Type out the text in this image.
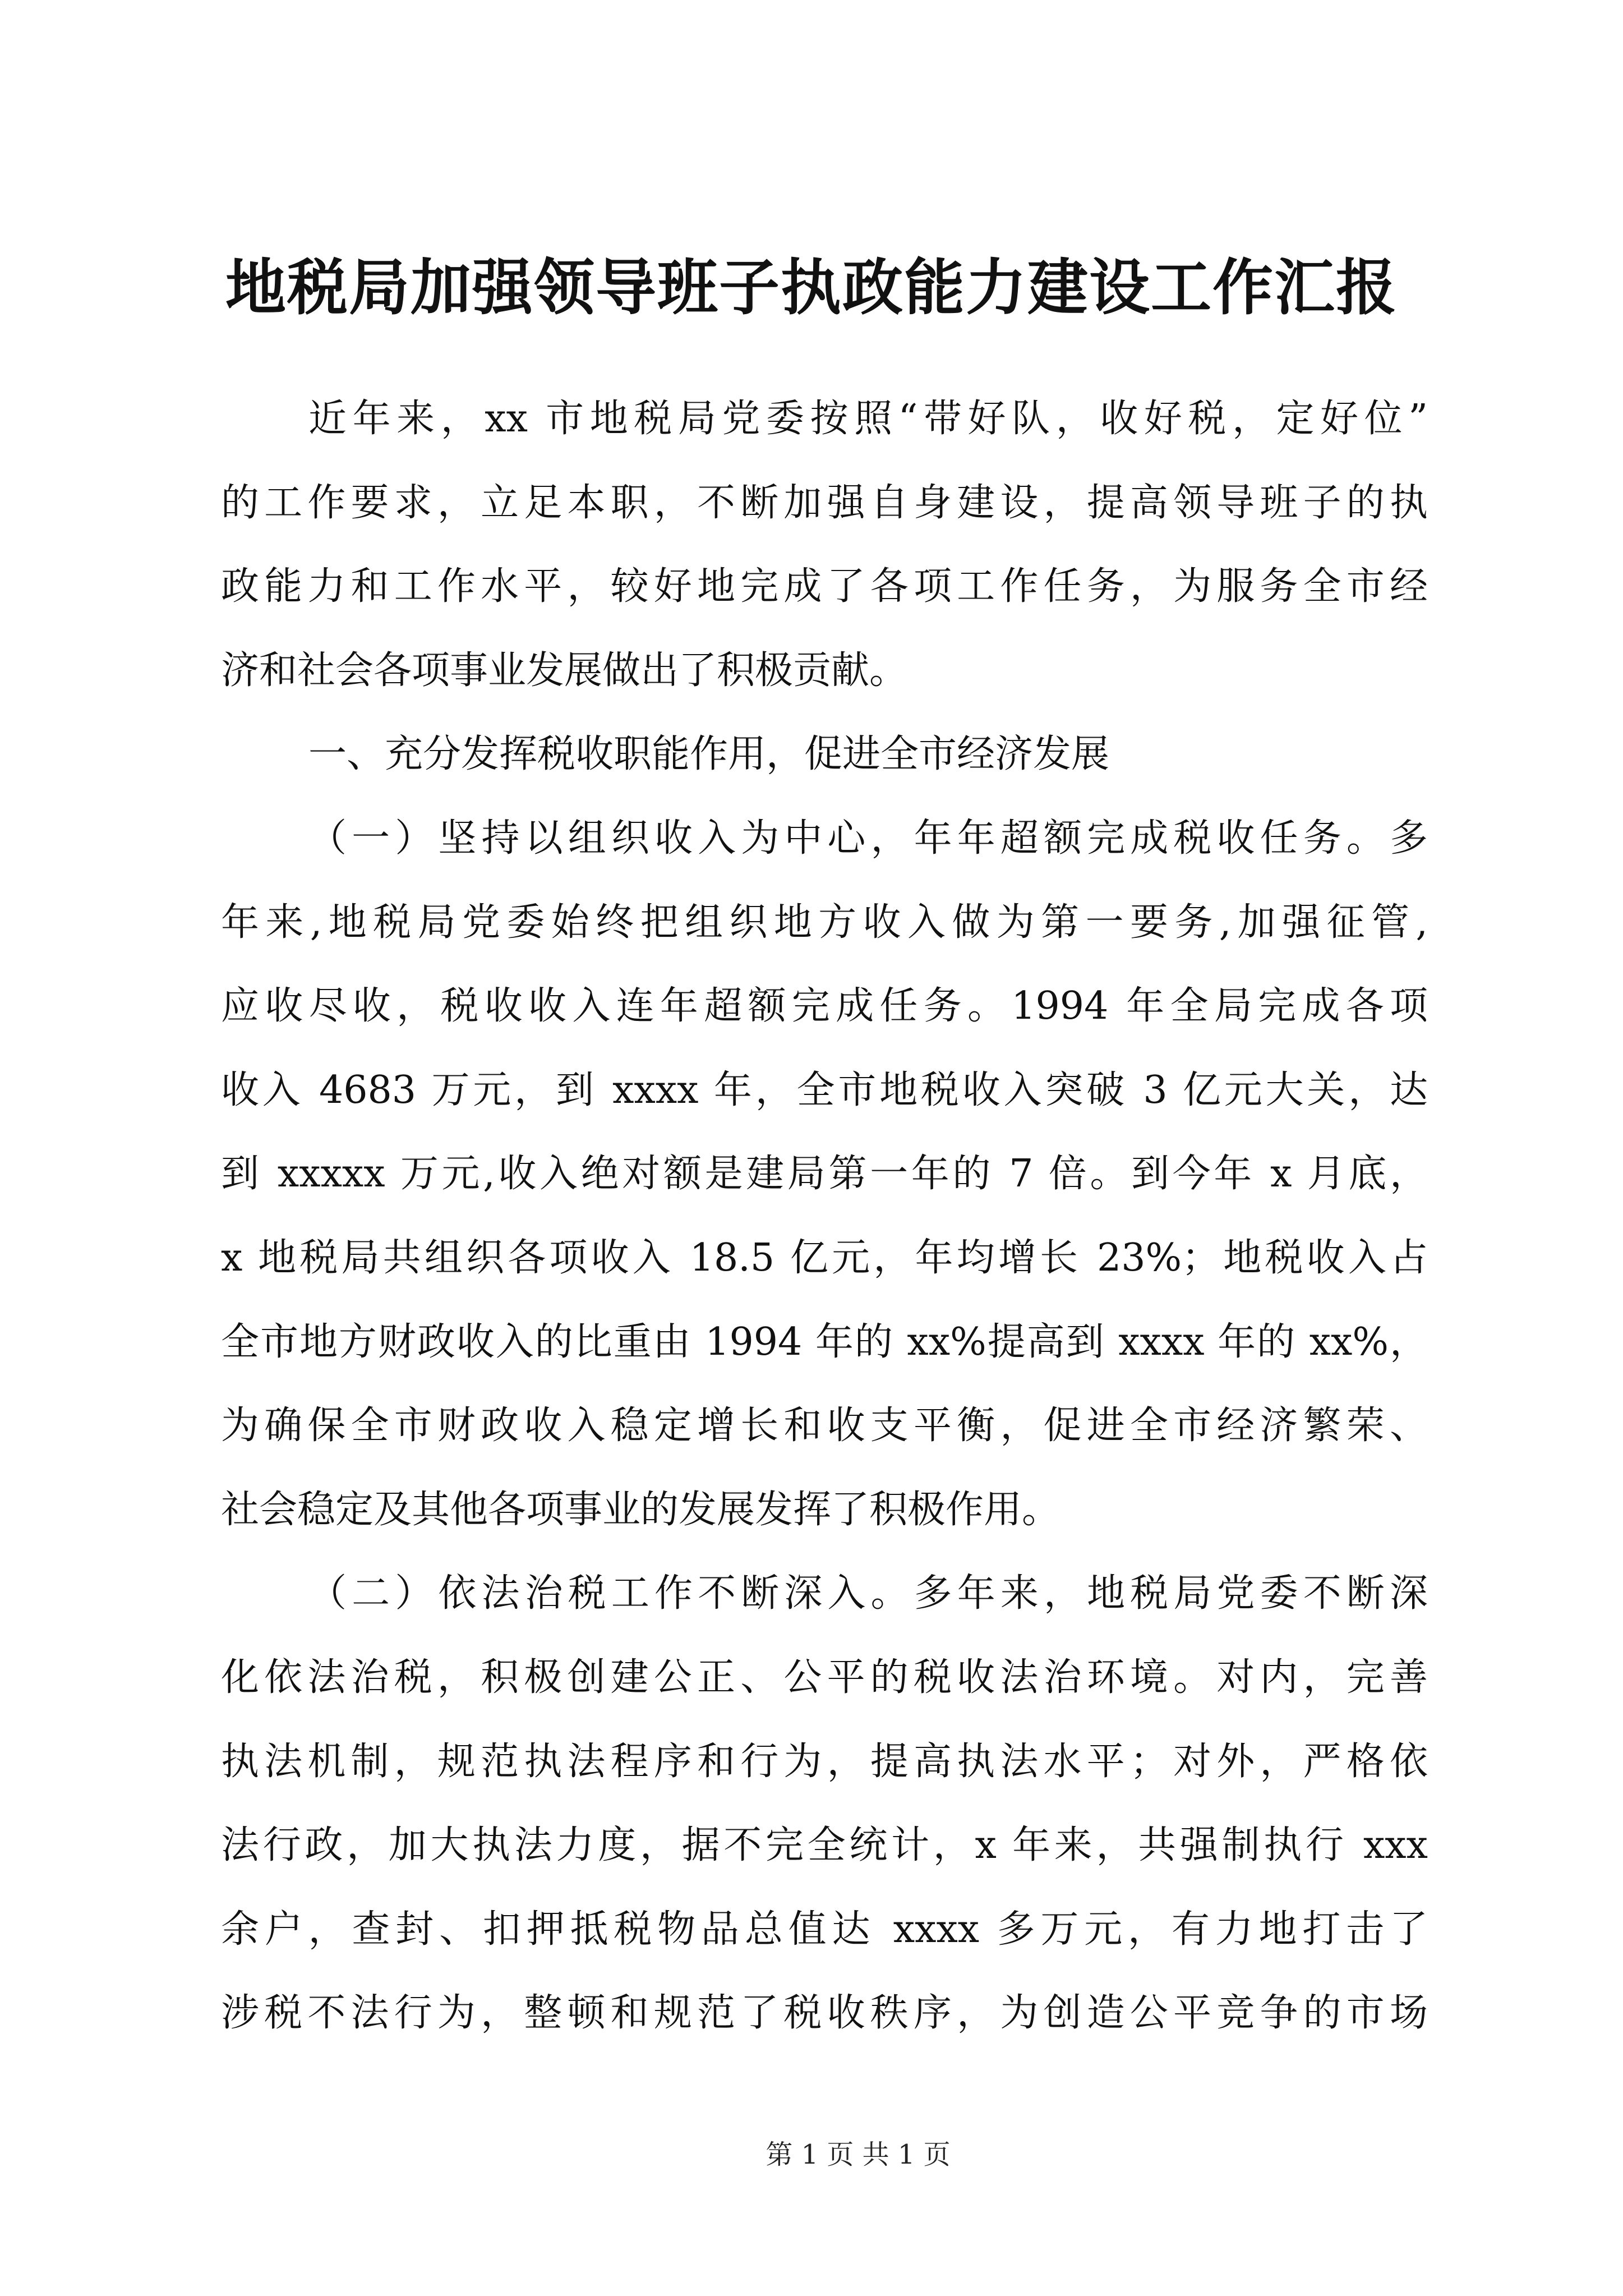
地税局加强领导班子执政能力建设工作汇报
近年来，xx 市地税局党委按照“带好队，收好税，定好位”
的工作要求，立足本职，不断加强自身建设，提高领导班子的执
政能力和工作水平，较好地完成了各项工作任务，为服务全市经
济和社会各项事业发展做出了积极贡献。
一、充分发挥税收职能作用，促进全市经济发展
（一）坚持以组织收入为中心，年年超额完成税收任务。多
年来,地税局党委始终把组织地方收入做为第一要务,加强征管,
应收尽收，税收收入连年超额完成任务。1994 年全局完成各项
收入 4683 万元，到 xxxx 年，全市地税收入突破 3 亿元大关，达
到 xxxxx 万元,收入绝对额是建局第一年的 7 倍。到今年 x 月底，
x 地税局共组织各项收入 18.5 亿元，年均增长 23%；地税收入占
全市地方财政收入的比重由 1994 年的 xx%提高到 xxxx 年的 xx%，
为确保全市财政收入稳定增长和收支平衡，促进全市经济繁荣、
社会稳定及其他各项事业的发展发挥了积极作用。
（二）依法治税工作不断深入。多年来，地税局党委不断深
化依法治税，积极创建公正、公平的税收法治环境。对内，完善
执法机制，规范执法程序和行为，提高执法水平；对外，严格依
法行政，加大执法力度，据不完全统计，x 年来，共强制执行 xxx
余户，查封、扣押抵税物品总值达 xxxx 多万元，有力地打击了
涉税不法行为，整顿和规范了税收秩序，为创造公平竞争的市场
第 1 页 共 1 页
